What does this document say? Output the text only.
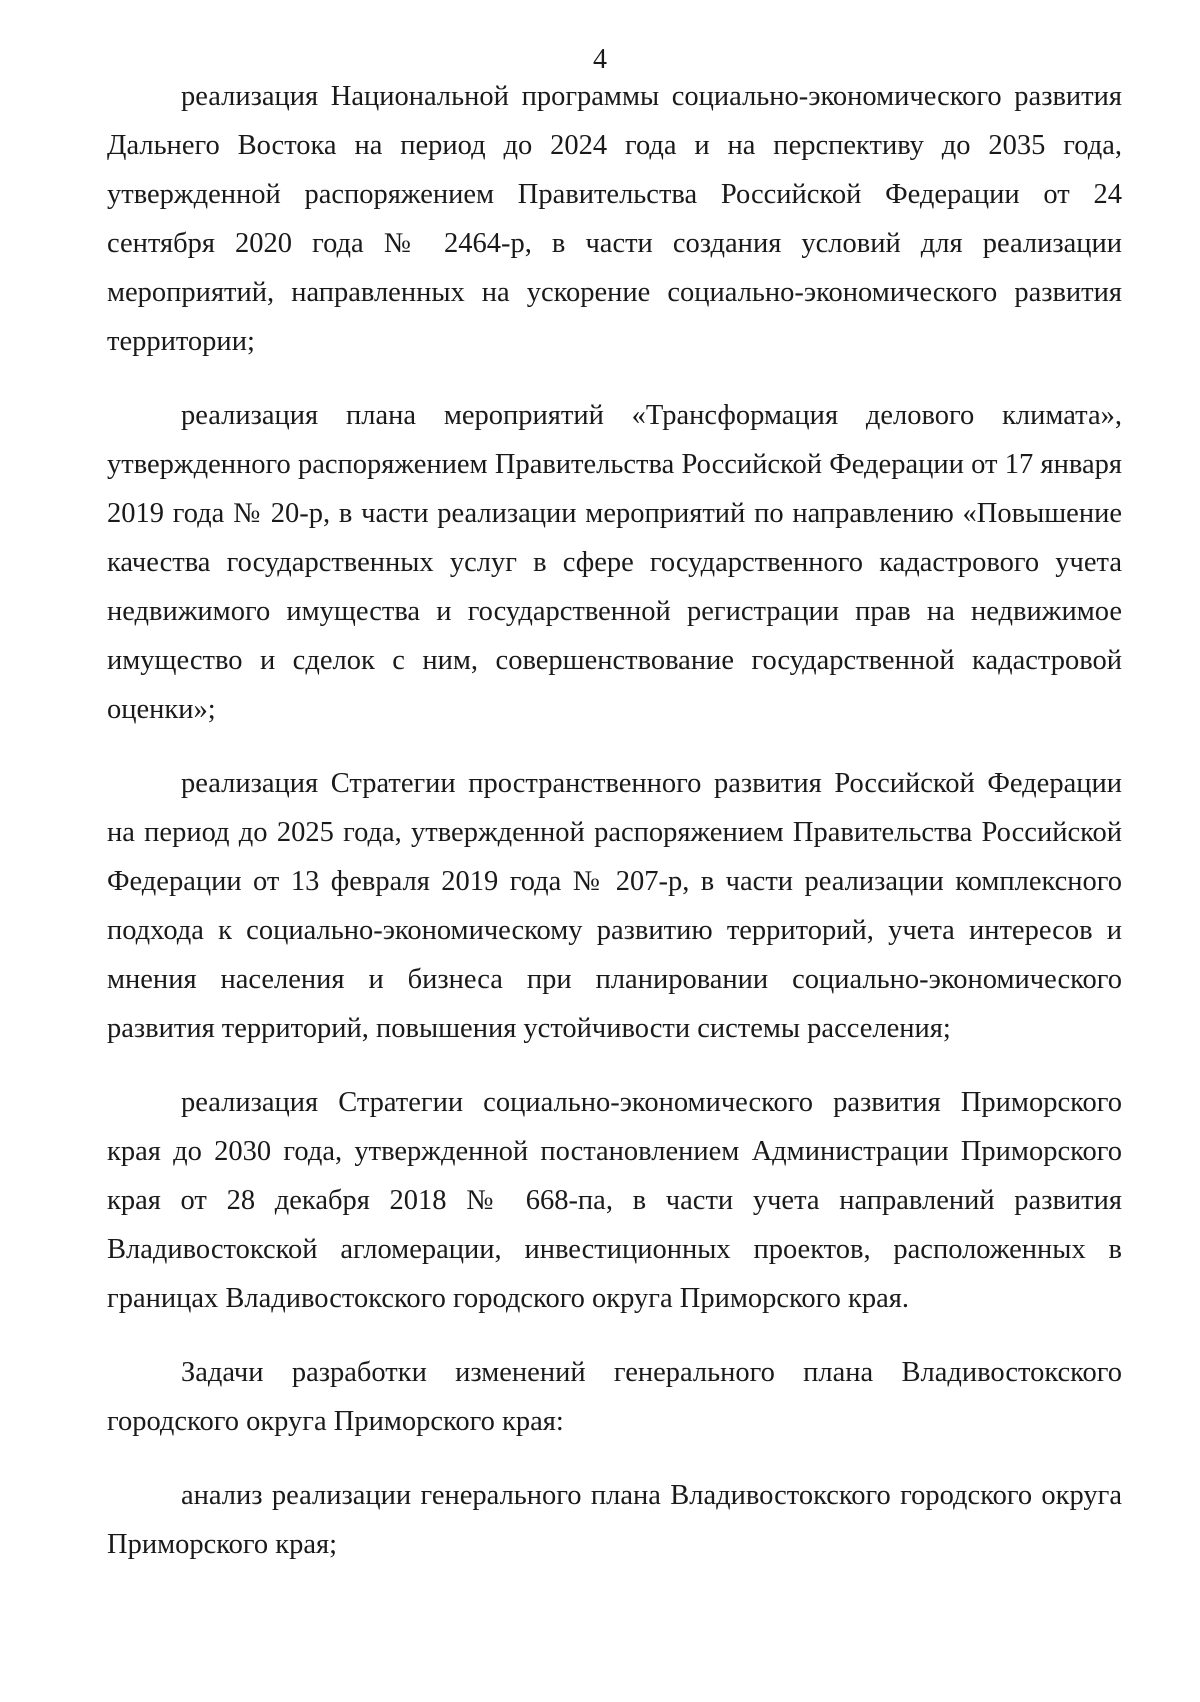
4

реализация Национальной программы социально-экономического развития Дальнего Востока на период до 2024 года и на перспективу до 2035 года, утвержденной распоряжением Правительства Российской Федерации от 24 сентября 2020 года № 2464-р, в части создания условий для реализации мероприятий, направленных на ускорение социально-экономического развития территории;

реализация плана мероприятий «Трансформация делового климата», утвержденного распоряжением Правительства Российской Федерации от 17 января 2019 года № 20-р, в части реализации мероприятий по направлению «Повышение качества государственных услуг в сфере государственного кадастрового учета недвижимого имущества и государственной регистрации прав на недвижимое имущество и сделок с ним, совершенствование государственной кадастровой оценки»;

реализация Стратегии пространственного развития Российской Федерации на период до 2025 года, утвержденной распоряжением Правительства Российской Федерации от 13 февраля 2019 года № 207-р, в части реализации комплексного подхода к социально-экономическому развитию территорий, учета интересов и мнения населения и бизнеса при планировании социально-экономического развития территорий, повышения устойчивости системы расселения;

реализация Стратегии социально-экономического развития Приморского края до 2030 года, утвержденной постановлением Администрации Приморского края от 28 декабря 2018 № 668-па, в части учета направлений развития Владивостокской агломерации, инвестиционных проектов, расположенных в границах Владивостокского городского округа Приморского края.

Задачи разработки изменений генерального плана Владивостокского городского округа Приморского края:

анализ реализации генерального плана Владивостокского городского округа Приморского края;
